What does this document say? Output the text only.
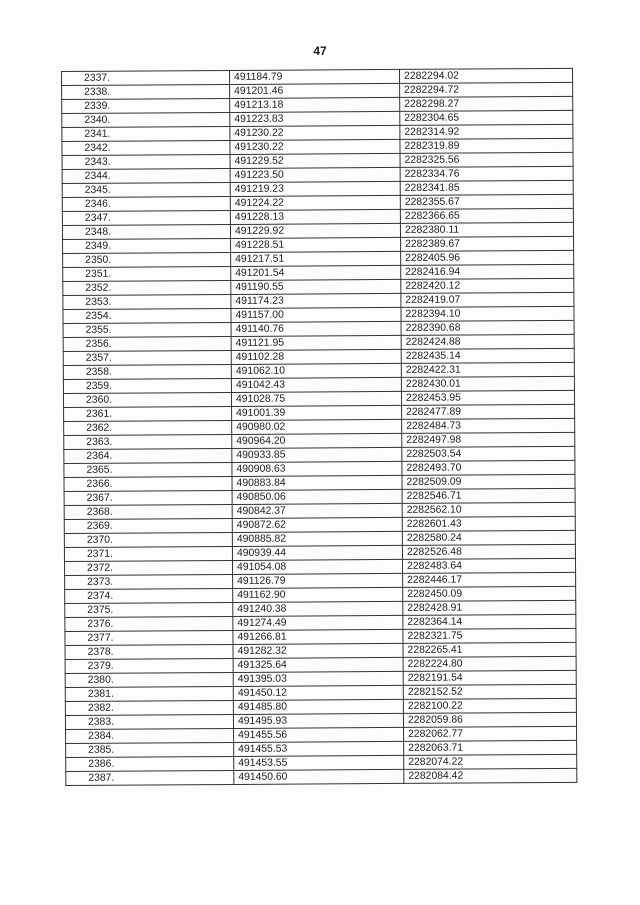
47
2337.	491184.79	2282294.02
2338.	491201.46	2282294.72
2339.	491213.18	2282298.27
2340.	491223.83	2282304.65
2341.	491230.22	2282314.92
2342.	491230.22	2282319.89
2343.	491229.52	2282325.56
2344.	491223.50	2282334.76
2345.	491219.23	2282341.85
2346.	491224.22	2282355.67
2347.	491228.13	2282366.65
2348.	491229.92	2282380.11
2349.	491228.51	2282389.67
2350.	491217.51	2282405.96
2351.	491201.54	2282416.94
2352.	491190.55	2282420.12
2353.	491174.23	2282419.07
2354.	491157.00	2282394.10
2355.	491140.76	2282390.68
2356.	491121.95	2282424.88
2357.	491102.28	2282435.14
2358.	491062.10	2282422.31
2359.	491042.43	2282430.01
2360.	491028.75	2282453.95
2361.	491001.39	2282477.89
2362.	490980.02	2282484.73
2363.	490964.20	2282497.98
2364.	490933.85	2282503.54
2365.	490908.63	2282493.70
2366.	490883.84	2282509.09
2367.	490850.06	2282546.71
2368.	490842.37	2282562.10
2369.	490872.62	2282601.43
2370.	490885.82	2282580.24
2371.	490939.44	2282526.48
2372.	491054.08	2282483.64
2373.	491126.79	2282446.17
2374.	491162.90	2282450.09
2375.	491240.38	2282428.91
2376.	491274.49	2282364.14
2377.	491266.81	2282321.75
2378.	491282.32	2282265.41
2379.	491325.64	2282224.80
2380.	491395.03	2282191.54
2381.	491450.12	2282152.52
2382.	491485.80	2282100.22
2383.	491495.93	2282059.86
2384.	491455.56	2282062.77
2385.	491455.53	2282063.71
2386.	491453.55	2282074.22
2387.	491450.60	2282084.42
